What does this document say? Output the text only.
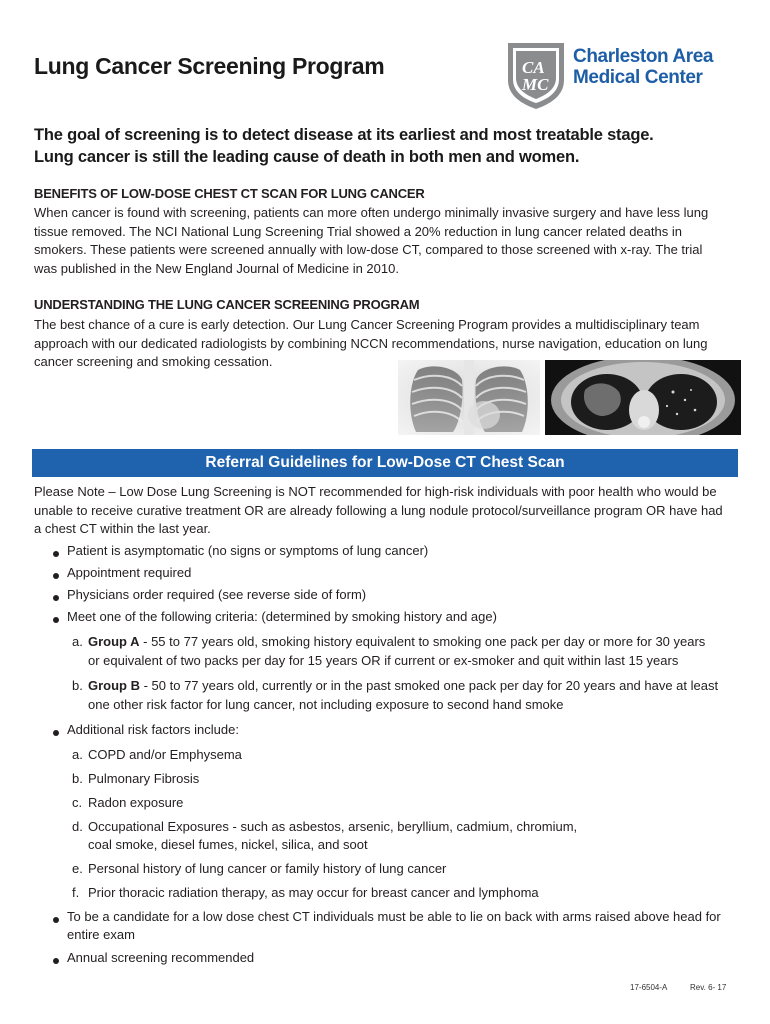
Lung Cancer Screening Program	CA
MC
Charleston Area
Medical Center
The goal of screening is to detect disease at its earliest and most treatable stage.
Lung cancer is still the leading cause of death in both men and women.
BENEFITS OF LOW-DOSE CHEST CT SCAN FOR LUNG CANCER
When cancer is found with screening, patients can more often undergo minimally invasive surgery and have less lung
tissue removed. The NCI National Lung Screening Trial showed a 20% reduction in lung cancer related deaths in
smokers. These patients were screened annually with low-dose CT, compared to those screened with x-ray. The trial
was published in the New England Journal of Medicine in 2010.
UNDERSTANDING THE LUNG CANCER SCREENING PROGRAM
The best chance of a cure is early detection. Our Lung Cancer Screening Program provides a multidisciplinary team
approach with our dedicated radiologists by combining NCCN recommendations, nurse navigation, education on lung
cancer screening and smoking cessation.
Referral Guidelines for Low-Dose CT Chest Scan
Please Note – Low Dose Lung Screening is NOT recommended for high-risk individuals with poor health who would be
unable to receive curative treatment OR are already following a lung nodule protocol/surveillance program OR have had
a chest CT within the last year.
Patient is asymptomatic (no signs or symptoms of lung cancer)
Appointment required
Physicians order required (see reverse side of form)
Meet one of the following criteria: (determined by smoking history and age)
a. Group A - 55 to 77 years old, smoking history equivalent to smoking one pack per day or more for 30 years
or equivalent of two packs per day for 15 years OR if current or ex-smoker and quit within last 15 years
b. Group B - 50 to 77 years old, currently or in the past smoked one pack per day for 20 years and have at least
one other risk factor for lung cancer, not including exposure to second hand smoke
Additional risk factors include:
a. COPD and/or Emphysema
b. Pulmonary Fibrosis
c. Radon exposure
d. Occupational Exposures - such as asbestos, arsenic, beryllium, cadmium, chromium,
coal smoke, diesel fumes, nickel, silica, and soot
e. Personal history of lung cancer or family history of lung cancer
f. Prior thoracic radiation therapy, as may occur for breast cancer and lymphoma
To be a candidate for a low dose chest CT individuals must be able to lie on back with arms raised above head for
entire exam
Annual screening recommended
17-6504-A	Rev. 6- 17
